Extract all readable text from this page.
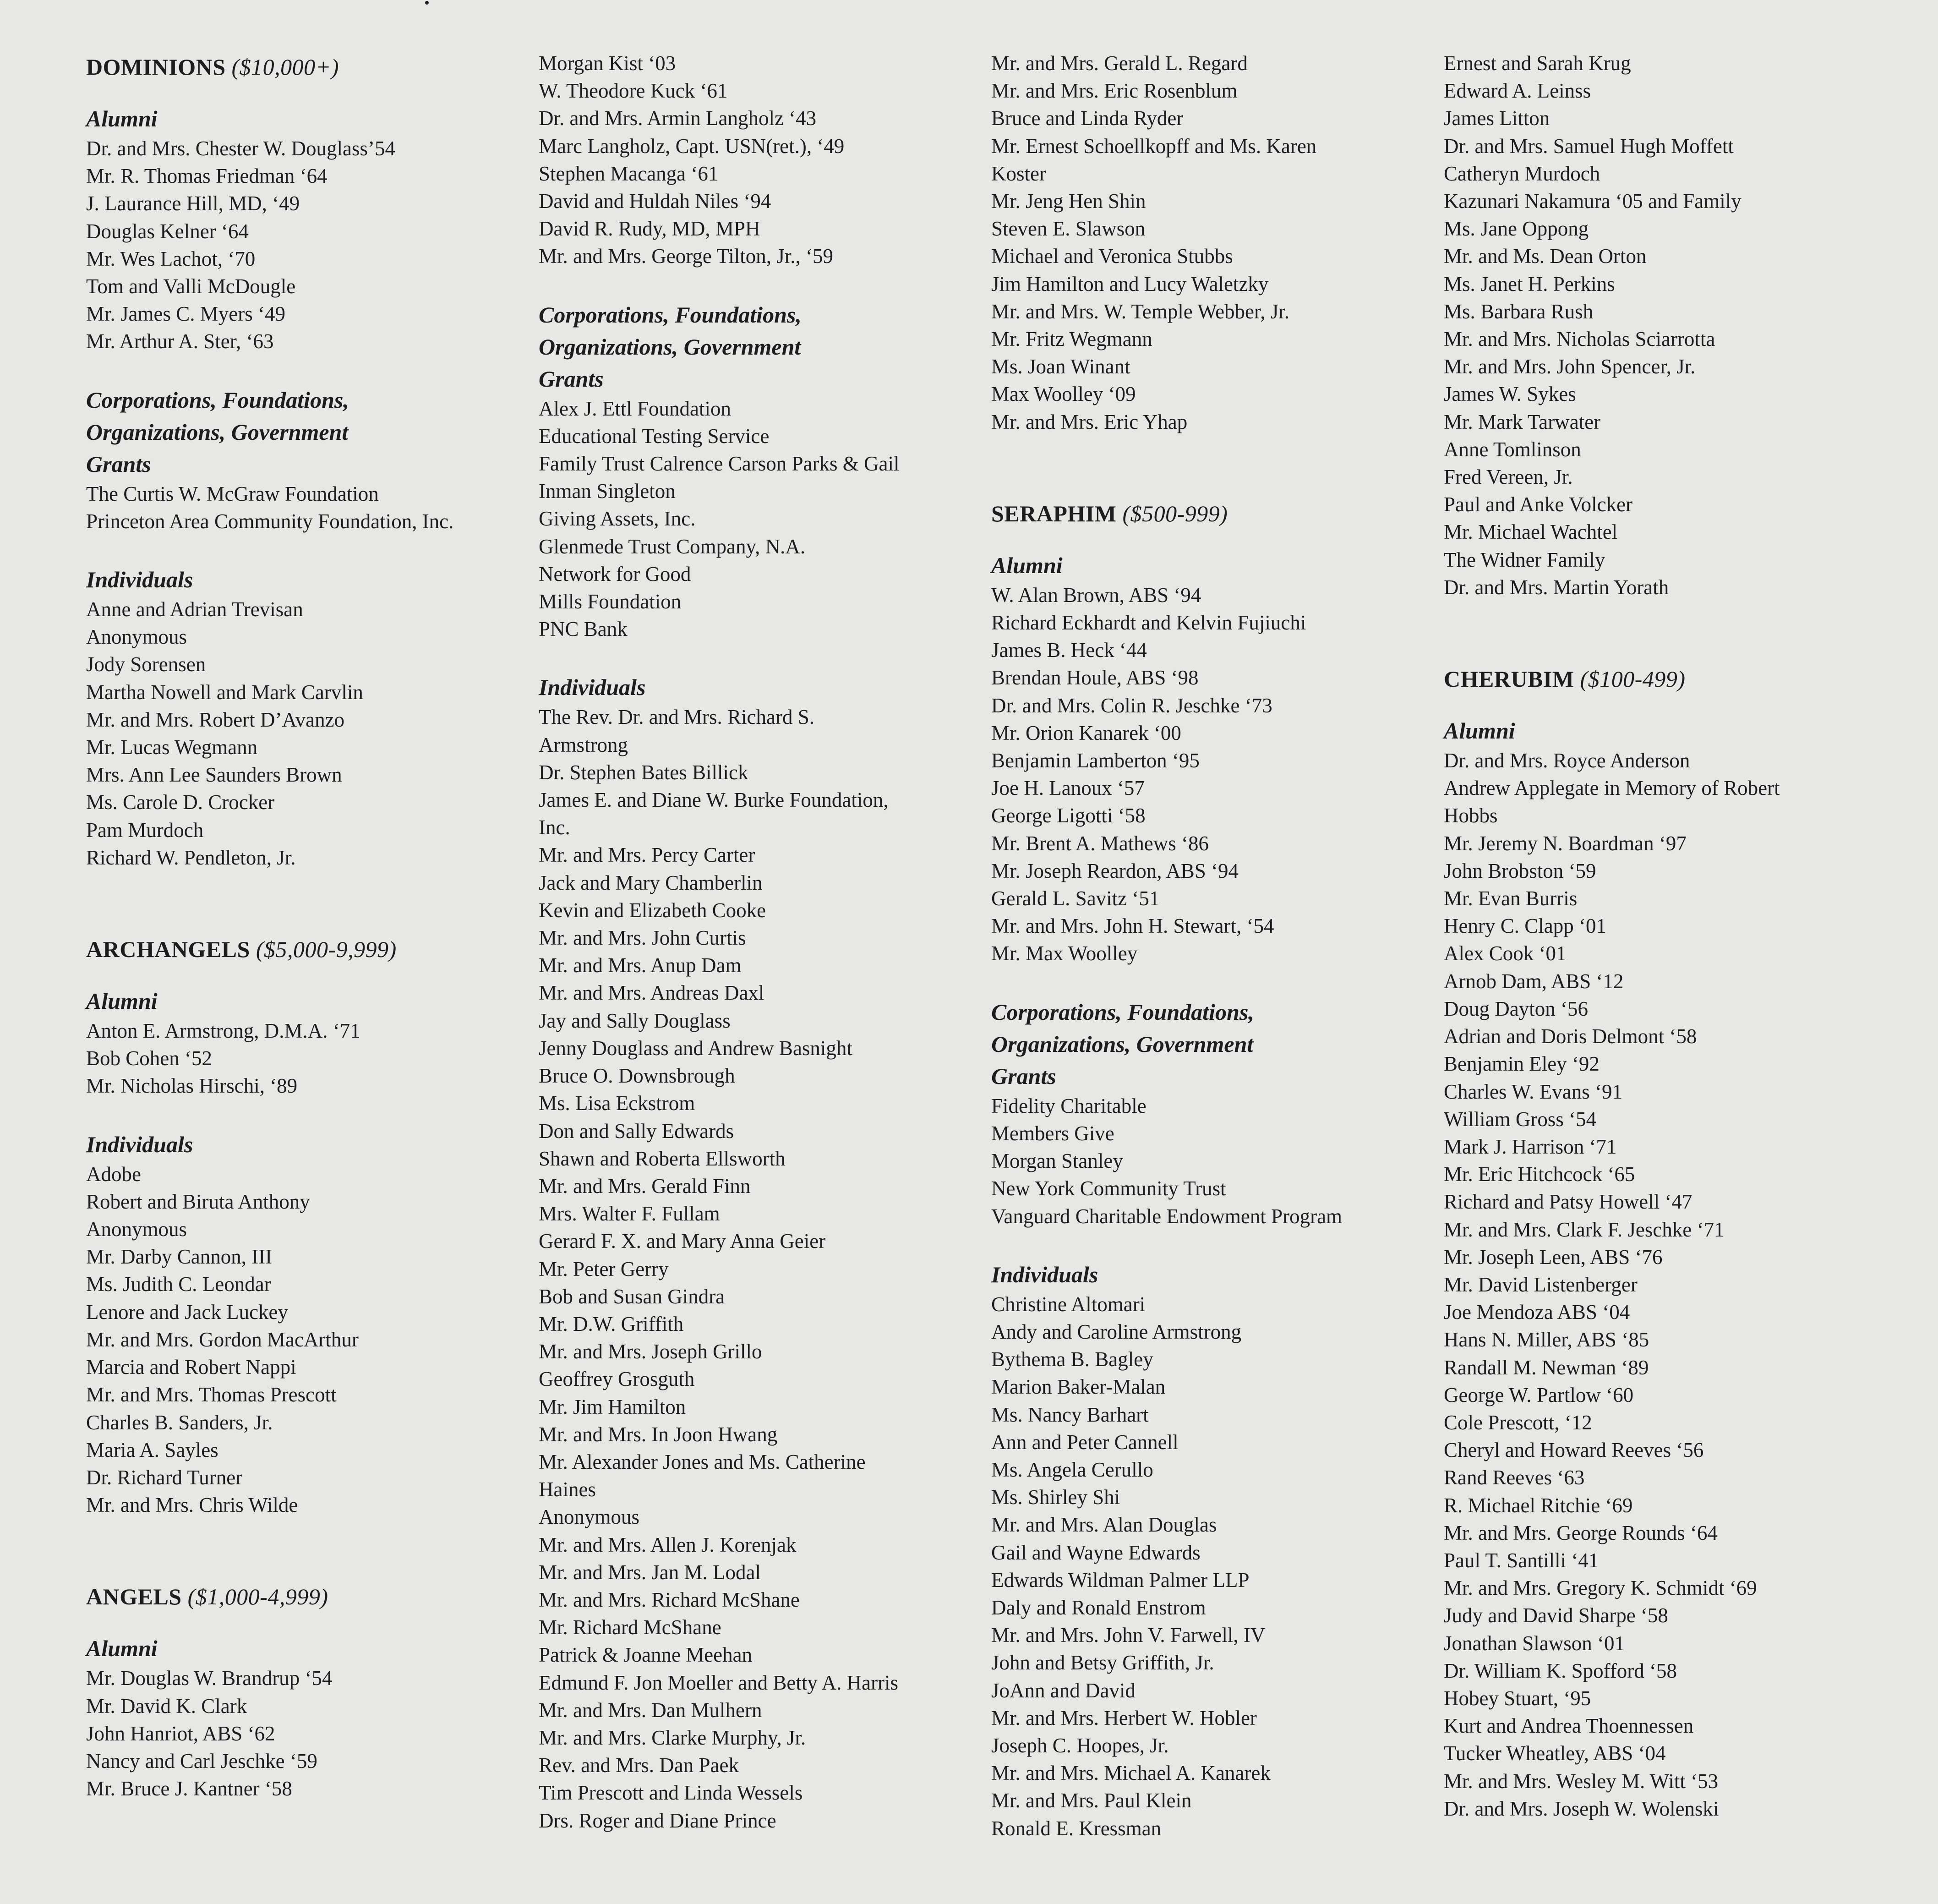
DOMINIONS ($10,000+)
Alumni
Dr. and Mrs. Chester W. Douglass’54
Mr. R. Thomas Friedman ‘64
J. Laurance Hill, MD, ‘49
Douglas Kelner ‘64
Mr. Wes Lachot, ‘70
Tom and Valli McDougle
Mr. James C. Myers ‘49
Mr. Arthur A. Ster, ‘63
Corporations, Foundations,
Organizations, Government
Grants
The Curtis W. McGraw Foundation
Princeton Area Community Foundation, Inc.
Individuals
Anne and Adrian Trevisan
Anonymous
Jody Sorensen
Martha Nowell and Mark Carvlin
Mr. and Mrs. Robert D’Avanzo
Mr. Lucas Wegmann
Mrs. Ann Lee Saunders Brown
Ms. Carole D. Crocker
Pam Murdoch
Richard W. Pendleton, Jr.
ARCHANGELS ($5,000-9,999)
Alumni
Anton E. Armstrong, D.M.A. ‘71
Bob Cohen ‘52
Mr. Nicholas Hirschi, ‘89
Individuals
Adobe
Robert and Biruta Anthony
Anonymous
Mr. Darby Cannon, III
Ms. Judith C. Leondar
Lenore and Jack Luckey
Mr. and Mrs. Gordon MacArthur
Marcia and Robert Nappi
Mr. and Mrs. Thomas Prescott
Charles B. Sanders, Jr.
Maria A. Sayles
Dr. Richard Turner
Mr. and Mrs. Chris Wilde
ANGELS ($1,000-4,999)
Alumni
Mr. Douglas W. Brandrup ‘54
Mr. David K. Clark
John Hanriot, ABS ‘62
Nancy and Carl Jeschke ‘59
Mr. Bruce J. Kantner ‘58
Morgan Kist ‘03
W. Theodore Kuck ‘61
Dr. and Mrs. Armin Langholz ‘43
Marc Langholz, Capt. USN(ret.), ‘49
Stephen Macanga ‘61
David and Huldah Niles ‘94
David R. Rudy, MD, MPH
Mr. and Mrs. George Tilton, Jr., ‘59
Corporations, Foundations,
Organizations, Government
Grants
Alex J. Ettl Foundation
Educational Testing Service
Family Trust Calrence Carson Parks & Gail
Inman Singleton
Giving Assets, Inc.
Glenmede Trust Company, N.A.
Network for Good
Mills Foundation
PNC Bank
Individuals
The Rev. Dr. and Mrs. Richard S.
Armstrong
Dr. Stephen Bates Billick
James E. and Diane W. Burke Foundation,
Inc.
Mr. and Mrs. Percy Carter
Jack and Mary Chamberlin
Kevin and Elizabeth Cooke
Mr. and Mrs. John Curtis
Mr. and Mrs. Anup Dam
Mr. and Mrs. Andreas Daxl
Jay and Sally Douglass
Jenny Douglass and Andrew Basnight
Bruce O. Downsbrough
Ms. Lisa Eckstrom
Don and Sally Edwards
Shawn and Roberta Ellsworth
Mr. and Mrs. Gerald Finn
Mrs. Walter F. Fullam
Gerard F. X. and Mary Anna Geier
Mr. Peter Gerry
Bob and Susan Gindra
Mr. D.W. Griffith
Mr. and Mrs. Joseph Grillo
Geoffrey Grosguth
Mr. Jim Hamilton
Mr. and Mrs. In Joon Hwang
Mr. Alexander Jones and Ms. Catherine
Haines
Anonymous
Mr. and Mrs. Allen J. Korenjak
Mr. and Mrs. Jan M. Lodal
Mr. and Mrs. Richard McShane
Mr. Richard McShane
Patrick & Joanne Meehan
Edmund F. Jon Moeller and Betty A. Harris
Mr. and Mrs. Dan Mulhern
Mr. and Mrs. Clarke Murphy, Jr.
Rev. and Mrs. Dan Paek
Tim Prescott and Linda Wessels
Drs. Roger and Diane Prince
Mr. and Mrs. Gerald L. Regard
Mr. and Mrs. Eric Rosenblum
Bruce and Linda Ryder
Mr. Ernest Schoellkopff and Ms. Karen
Koster
Mr. Jeng Hen Shin
Steven E. Slawson
Michael and Veronica Stubbs
Jim Hamilton and Lucy Waletzky
Mr. and Mrs. W. Temple Webber, Jr.
Mr. Fritz Wegmann
Ms. Joan Winant
Max Woolley ‘09
Mr. and Mrs. Eric Yhap
SERAPHIM ($500-999)
Alumni
W. Alan Brown, ABS ‘94
Richard Eckhardt and Kelvin Fujiuchi
James B. Heck ‘44
Brendan Houle, ABS ‘98
Dr. and Mrs. Colin R. Jeschke ‘73
Mr. Orion Kanarek ‘00
Benjamin Lamberton ‘95
Joe H. Lanoux ‘57
George Ligotti ‘58
Mr. Brent A. Mathews ‘86
Mr. Joseph Reardon, ABS ‘94
Gerald L. Savitz ‘51
Mr. and Mrs. John H. Stewart, ‘54
Mr. Max Woolley
Corporations, Foundations,
Organizations, Government
Grants
Fidelity Charitable
Members Give
Morgan Stanley
New York Community Trust
Vanguard Charitable Endowment Program
Individuals
Christine Altomari
Andy and Caroline Armstrong
Bythema B. Bagley
Marion Baker-Malan
Ms. Nancy Barhart
Ann and Peter Cannell
Ms. Angela Cerullo
Ms. Shirley Shi
Mr. and Mrs. Alan Douglas
Gail and Wayne Edwards
Edwards Wildman Palmer LLP
Daly and Ronald Enstrom
Mr. and Mrs. John V. Farwell, IV
John and Betsy Griffith, Jr.
JoAnn and David
Mr. and Mrs. Herbert W. Hobler
Joseph C. Hoopes, Jr.
Mr. and Mrs. Michael A. Kanarek
Mr. and Mrs. Paul Klein
Ronald E. Kressman
Ernest and Sarah Krug
Edward A. Leinss
James Litton
Dr. and Mrs. Samuel Hugh Moffett
Catheryn Murdoch
Kazunari Nakamura ‘05 and Family
Ms. Jane Oppong
Mr. and Ms. Dean Orton
Ms. Janet H. Perkins
Ms. Barbara Rush
Mr. and Mrs. Nicholas Sciarrotta
Mr. and Mrs. John Spencer, Jr.
James W. Sykes
Mr. Mark Tarwater
Anne Tomlinson
Fred Vereen, Jr.
Paul and Anke Volcker
Mr. Michael Wachtel
The Widner Family
Dr. and Mrs. Martin Yorath
CHERUBIM ($100-499)
Alumni
Dr. and Mrs. Royce Anderson
Andrew Applegate in Memory of Robert
Hobbs
Mr. Jeremy N. Boardman ‘97
John Brobston ‘59
Mr. Evan Burris
Henry C. Clapp ‘01
Alex Cook ‘01
Arnob Dam, ABS ‘12
Doug Dayton ‘56
Adrian and Doris Delmont ‘58
Benjamin Eley ‘92
Charles W. Evans ‘91
William Gross ‘54
Mark J. Harrison ‘71
Mr. Eric Hitchcock ‘65
Richard and Patsy Howell ‘47
Mr. and Mrs. Clark F. Jeschke ‘71
Mr. Joseph Leen, ABS ‘76
Mr. David Listenberger
Joe Mendoza ABS ‘04
Hans N. Miller, ABS ‘85
Randall M. Newman ‘89
George W. Partlow ‘60
Cole Prescott, ‘12
Cheryl and Howard Reeves ‘56
Rand Reeves ‘63
R. Michael Ritchie ‘69
Mr. and Mrs. George Rounds ‘64
Paul T. Santilli ‘41
Mr. and Mrs. Gregory K. Schmidt ‘69
Judy and David Sharpe ‘58
Jonathan Slawson ‘01
Dr. William K. Spofford ‘58
Hobey Stuart, ‘95
Kurt and Andrea Thoennessen
Tucker Wheatley, ABS ‘04
Mr. and Mrs. Wesley M. Witt ‘53
Dr. and Mrs. Joseph W. Wolenski
